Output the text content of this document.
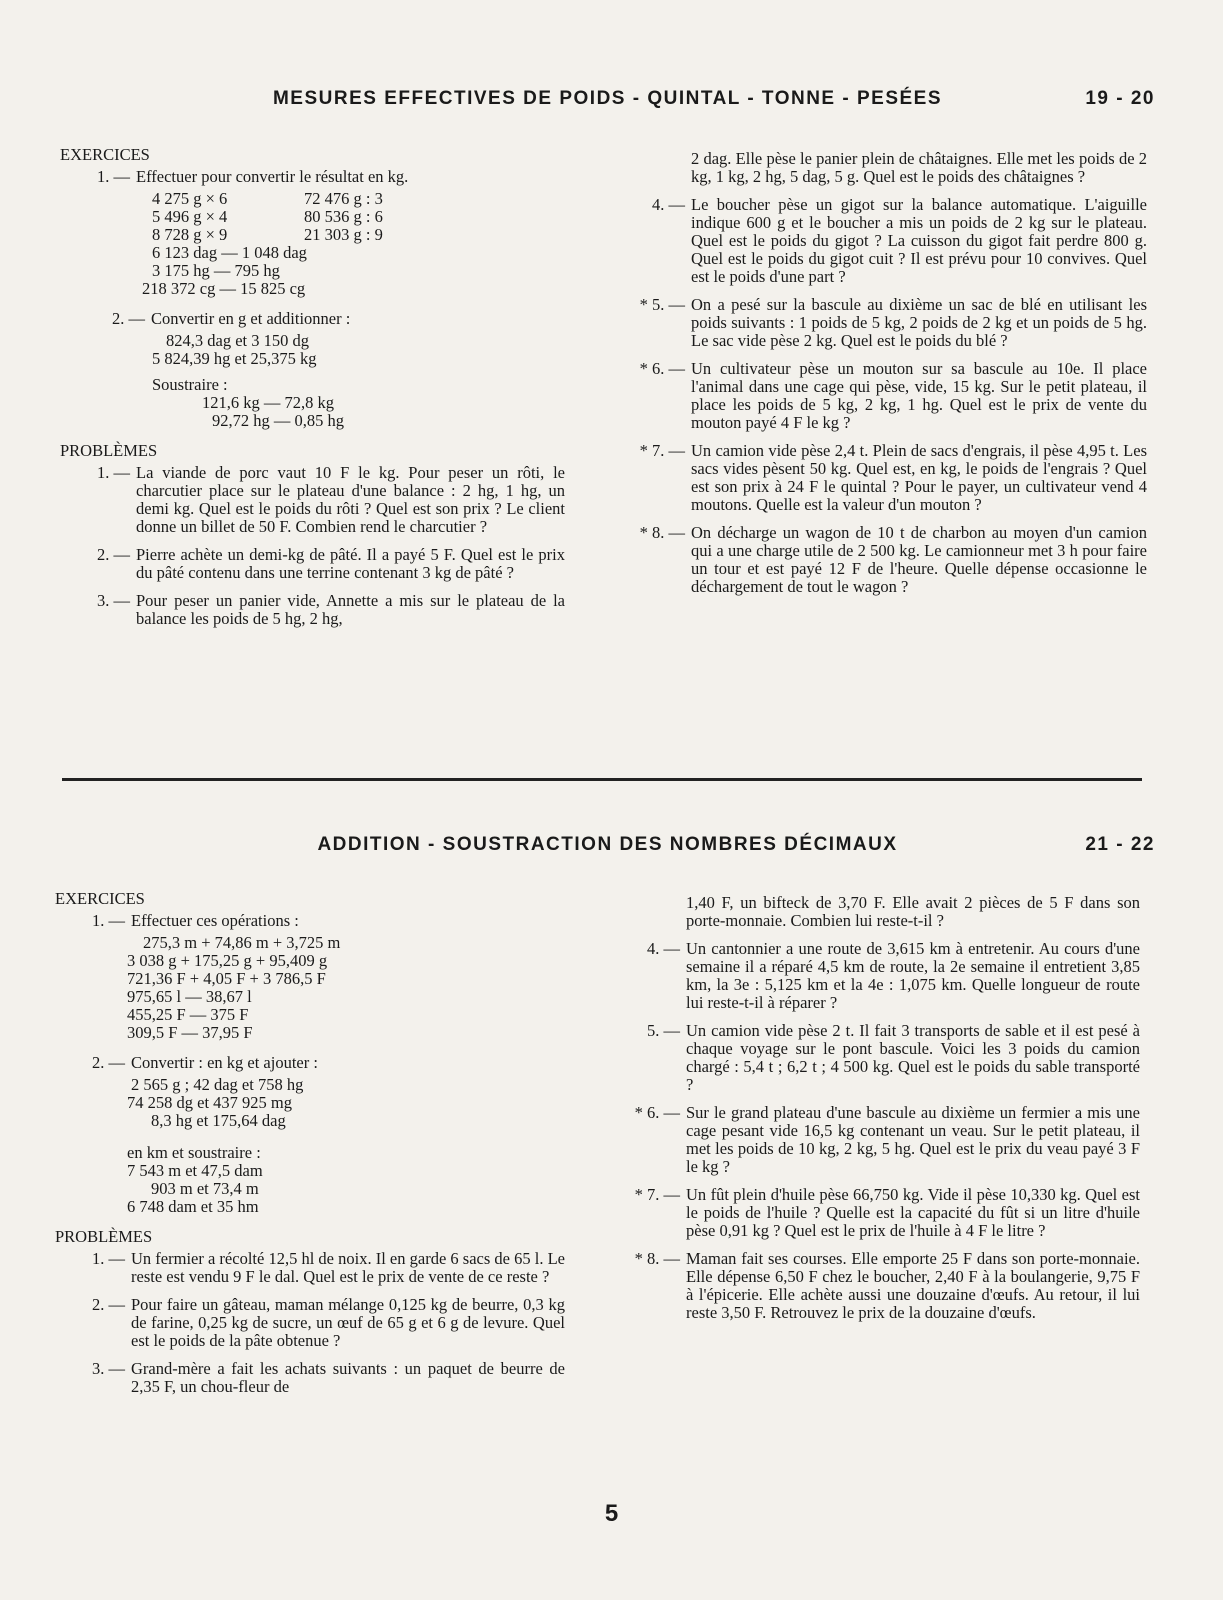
MESURES EFFECTIVES DE POIDS - QUINTAL - TONNE - PESÉES	19 - 20
EXERCICES
1. — Effectuer pour convertir le résultat en kg.
4 275 g × 6	72 476 g : 3
5 496 g × 4	80 536 g : 6
8 728 g × 9	21 303 g : 9
6 123 dag — 1 048 dag
3 175 hg — 795 hg
218 372 cg — 15 825 cg
2. — Convertir en g et additionner :
824,3 dag et 3 150 dg
5 824,39 hg et 25,375 kg
Soustraire :
121,6 kg — 72,8 kg
92,72 hg — 0,85 hg
PROBLÈMES
1. — La viande de porc vaut 10 F le kg. Pour peser un rôti, le charcutier place sur le plateau d'une balance : 2 hg, 1 hg, un demi kg. Quel est le poids du rôti ? Quel est son prix ? Le client donne un billet de 50 F. Combien rend le charcutier ?
2. — Pierre achète un demi-kg de pâté. Il a payé 5 F. Quel est le prix du pâté contenu dans une terrine contenant 3 kg de pâté ?
3. — Pour peser un panier vide, Annette a mis sur le plateau de la balance les poids de 5 hg, 2 hg,
2 dag. Elle pèse le panier plein de châtaignes. Elle met les poids de 2 kg, 1 kg, 2 hg, 5 dag, 5 g. Quel est le poids des châtaignes ?
4. — Le boucher pèse un gigot sur la balance automatique. L'aiguille indique 600 g et le boucher a mis un poids de 2 kg sur le plateau. Quel est le poids du gigot ? La cuisson du gigot fait perdre 800 g. Quel est le poids du gigot cuit ? Il est prévu pour 10 convives. Quel est le poids d'une part ?
* 5. — On a pesé sur la bascule au dixième un sac de blé en utilisant les poids suivants : 1 poids de 5 kg, 2 poids de 2 kg et un poids de 5 hg. Le sac vide pèse 2 kg. Quel est le poids du blé ?
* 6. — Un cultivateur pèse un mouton sur sa bascule au 10e. Il place l'animal dans une cage qui pèse, vide, 15 kg. Sur le petit plateau, il place les poids de 5 kg, 2 kg, 1 hg. Quel est le prix de vente du mouton payé 4 F le kg ?
* 7. — Un camion vide pèse 2,4 t. Plein de sacs d'engrais, il pèse 4,95 t. Les sacs vides pèsent 50 kg. Quel est, en kg, le poids de l'engrais ? Quel est son prix à 24 F le quintal ? Pour le payer, un cultivateur vend 4 moutons. Quelle est la valeur d'un mouton ?
* 8. — On décharge un wagon de 10 t de charbon au moyen d'un camion qui a une charge utile de 2 500 kg. Le camionneur met 3 h pour faire un tour et est payé 12 F de l'heure. Quelle dépense occasionne le déchargement de tout le wagon ?
ADDITION - SOUSTRACTION DES NOMBRES DÉCIMAUX	21 - 22
EXERCICES
1. — Effectuer ces opérations :
275,3 m + 74,86 m + 3,725 m
3 038 g + 175,25 g + 95,409 g
721,36 F + 4,05 F + 3 786,5 F
975,65 l — 38,67 l
455,25 F — 375 F
309,5 F — 37,95 F
2. — Convertir : en kg et ajouter :
2 565 g ; 42 dag et 758 hg
74 258 dg et 437 925 mg
8,3 hg et 175,64 dag
en km et soustraire :
7 543 m et 47,5 dam
903 m et 73,4 m
6 748 dam et 35 hm
PROBLÈMES
1. — Un fermier a récolté 12,5 hl de noix. Il en garde 6 sacs de 65 l. Le reste est vendu 9 F le dal. Quel est le prix de vente de ce reste ?
2. — Pour faire un gâteau, maman mélange 0,125 kg de beurre, 0,3 kg de farine, 0,25 kg de sucre, un œuf de 65 g et 6 g de levure. Quel est le poids de la pâte obtenue ?
3. — Grand-mère a fait les achats suivants : un paquet de beurre de 2,35 F, un chou-fleur de
1,40 F, un bifteck de 3,70 F. Elle avait 2 pièces de 5 F dans son porte-monnaie. Combien lui reste-t-il ?
4. — Un cantonnier a une route de 3,615 km à entretenir. Au cours d'une semaine il a réparé 4,5 km de route, la 2e semaine il entretient 3,85 km, la 3e : 5,125 km et la 4e : 1,075 km. Quelle longueur de route lui reste-t-il à réparer ?
5. — Un camion vide pèse 2 t. Il fait 3 transports de sable et il est pesé à chaque voyage sur le pont bascule. Voici les 3 poids du camion chargé : 5,4 t ; 6,2 t ; 4 500 kg. Quel est le poids du sable transporté ?
* 6. — Sur le grand plateau d'une bascule au dixième un fermier a mis une cage pesant vide 16,5 kg contenant un veau. Sur le petit plateau, il met les poids de 10 kg, 2 kg, 5 hg. Quel est le prix du veau payé 3 F le kg ?
* 7. — Un fût plein d'huile pèse 66,750 kg. Vide il pèse 10,330 kg. Quel est le poids de l'huile ? Quelle est la capacité du fût si un litre d'huile pèse 0,91 kg ? Quel est le prix de l'huile à 4 F le litre ?
* 8. — Maman fait ses courses. Elle emporte 25 F dans son porte-monnaie. Elle dépense 6,50 F chez le boucher, 2,40 F à la boulangerie, 9,75 F à l'épicerie. Elle achète aussi une douzaine d'œufs. Au retour, il lui reste 3,50 F. Retrouvez le prix de la douzaine d'œufs.
5
